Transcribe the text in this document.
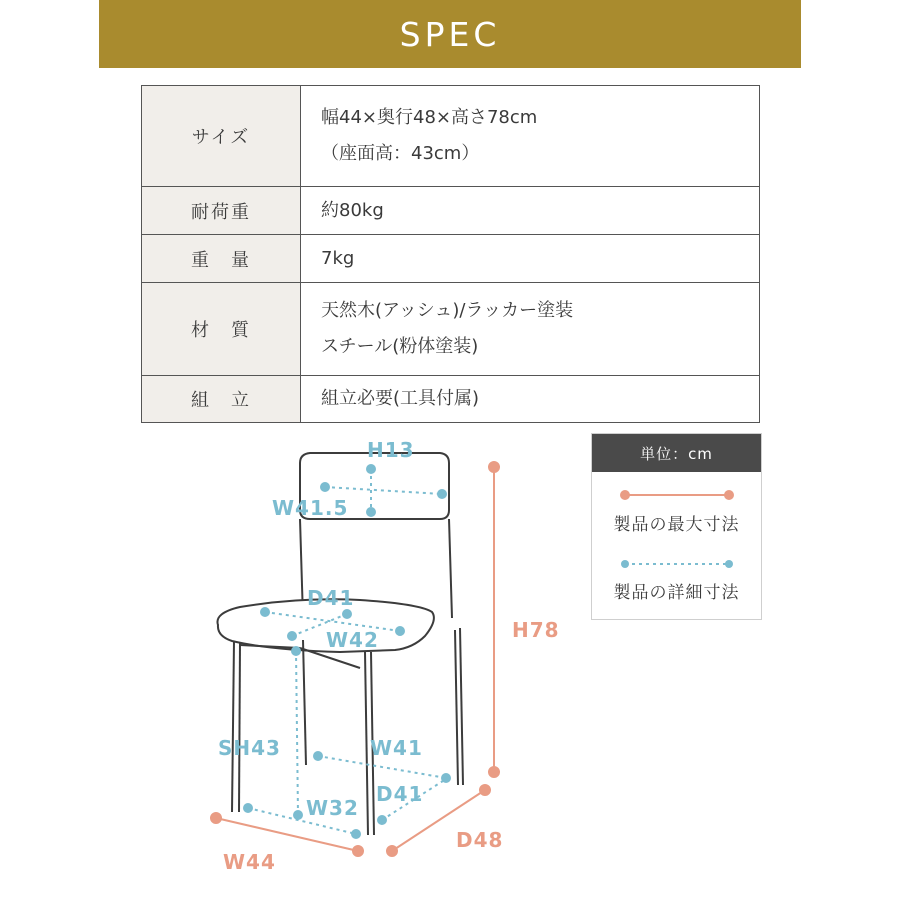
SPEC
サイズ	幅44×奥行48×高さ78cm
（座面高：43cm）

耐荷重	約80kg

重　量	7kg

材　質	天然木(アッシュ)/ラッカー塗装
スチール(粉体塗装)

組　立	組立必要(工具付属)
H13
W41.5
D41
W42	H78
SH43	W41
D41
W32
D48
W44
単位：cm
製品の最大寸法
製品の詳細寸法
